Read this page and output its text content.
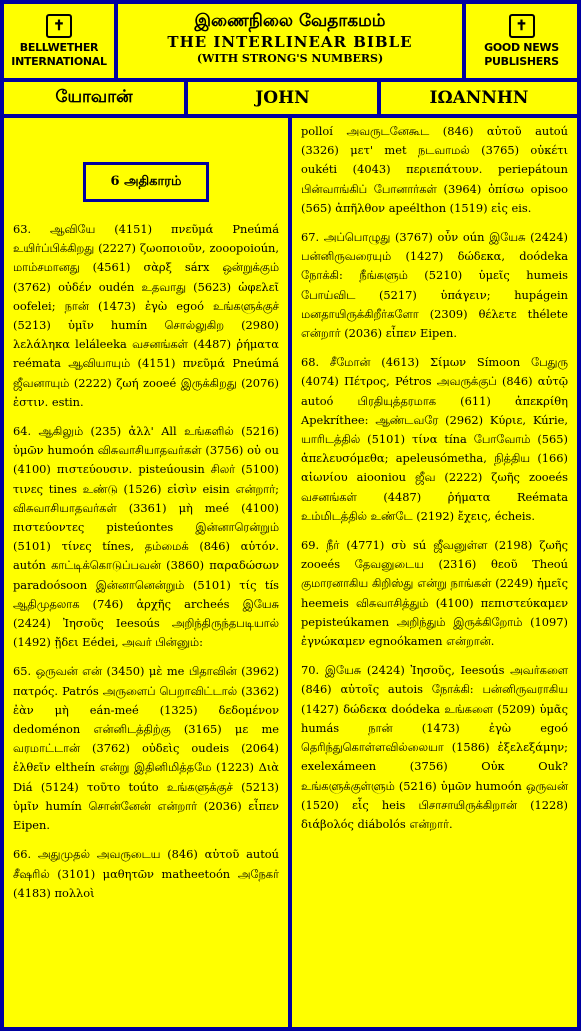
✝
BELLWETHER INTERNATIONAL
இணைநிலை வேதாகமம்
THE INTERLINEAR BIBLE
(WITH STRONG'S NUMBERS)
✝
GOOD NEWS PUBLISHERS
யோவான்	JOHN	IΩANNHN
6 அதிகாரம்

63. ஆவியே (4151) πνεῦμά Pneúmá உயிர்ப்பிக்கிறது (2227) ζωοποιοῦν, zooopoioún, மாம்சமானது (4561) σὰρξ sárx ஒன்றுக்கும் (3762) οὐδέν oudén உதவாது (5623) ὠφελεῖ oofelei; நான் (1473) ἐγὼ egoó உங்களுக்குச் (5213) ὑμῖν humín சொல்லுகிற (2980) λελάληκα leláleeka வசனங்கள் (4487) ῥήματα reémata ஆவியாயும் (4151) πνεῦμά Pneúmá ஜீவனாயும் (2222) ζωή zooeé இருக்கிறது (2076) ἐστιν. estin.

64. ஆகிலும் (235) ἀλλ' All உங்களில் (5216) ὑμῶν humoón விசுவாசியாதவர்கள் (3756) οὐ ou (4100) πιστεύουσιν. pisteúousin சிலர் (5100) τινες tines உண்டு (1526) εἰσὶν eisin என்றார்; விசுவாசியாதவர்கள் (3361) μὴ meé (4100) πιστεύοντες pisteúontes இன்னாரென்றும் (5101) τίνες tínes, தம்மைக் (846) αὐτόν. autón காட்டிக்கொடுப்பவன் (3860) παραδώσων paradoósoon இன்னானென்றும் (5101) τίς tís ஆதிமுதலாக (746) ἀρχῆς archeés இயேசு (2424) Ἰησοῦς Ieesoús அறிந்திருந்தபடியால் (1492) ᾔδει Eédei, அவர் பின்னும்:

65. ஒருவன் என் (3450) μὲ me பிதாவின் (3962) πατρός. Patrós அருளைப் பெறாவிட்டால் (3362) ἐὰν μὴ eán-meé (1325) δεδομένον dedoménon என்னிடத்திற்கு (3165) με me வரமாட்டான் (3762) οὐδεὶς oudeis (2064) ἐλθεῖν eltheín என்று இதினிமித்தமே (1223) Διὰ Diá (5124) τοῦτο toúto உங்களுக்குச் (5213) ὑμῖν humín சொன்னேன் என்றார் (2036) εἶπεν Eipen.

66. அதுமுதல் அவருடைய (846) αὐτοῦ autoú சீஷரில் (3101) μαθητῶν matheetoón அநேகர் (4183) πολλοὶ

polloí அவருடனேகூட (846) αὐτοῦ autoú (3326) μετ' met நடவாமல் (3765) οὐκέτι oukéti (4043) περιεπάτουν. periepátoun பின்வாங்கிப் போனார்கள் (3964) ὀπίσω opisoo (565) ἀπῆλθον apeélthon (1519) εἰς eis.

67. அப்பொழுது (3767) οὖν oún இயேசு (2424) பன்னிருவரையும் (1427) δώδεκα, doódeka நோக்கி: நீங்களும் (5210) ὑμεῖς humeis போய்விட (5217) ὑπάγειν; hupágein மனதாயிருக்கிறீர்களோ (2309) θέλετε thélete என்றார் (2036) εἶπεν Eipen.

68. சீமோன் (4613) Σίμων Símoon பேதுரு (4074) Πέτρος, Pétros அவருக்குப் (846) αὐτῷ autoó பிரதியுத்தரமாக (611) ἀπεκρίθη Apekríthee: ஆண்டவரே (2962) Κύριε, Kúrie, யாரிடத்தில் (5101) τίνα tína போவோம் (565) ἀπελευσόμεθα; apeleusómetha, நித்திய (166) αἰωνίου aiooniou ஜீவ (2222) ζωῆς zooeés வசனங்கள் (4487) ῥήματα Reémata உம்மிடத்தில் உண்டே (2192) ἔχεις, écheis.

69. நீர் (4771) σὺ sú ஜீவனுள்ள (2198) ζωῆς zooeés தேவனுடைய (2316) θεοῦ Theoú குமாரனாகிய கிறிஸ்து என்று நாங்கள் (2249) ἡμεῖς heemeis விசுவாசித்தும் (4100) πεπιστεύκαμεν pepisteúkamen அறிந்தும் இருக்கிறோம் (1097) ἐγνώκαμεν egnoókamen என்றான்.

70. இயேசு (2424) Ἰησοῦς, Ieesoús அவர்களை (846) αὐτοῖς autois நோக்கி: பன்னிருவராகிய (1427) δώδεκα doódeka உங்களை (5209) ὑμᾶς humás நான் (1473) ἐγὼ egoó தெரிந்துகொள்ளவில்லையா (1586) ἐξελεξάμην; exelexámeen (3756) Οὐκ Ouk? உங்களுக்குள்ளும் (5216) ὑμῶν humoón ஒருவன் (1520) εἷς heis பிசாசாயிருக்கிறான் (1228) διάβολός diábolós என்றார்.
